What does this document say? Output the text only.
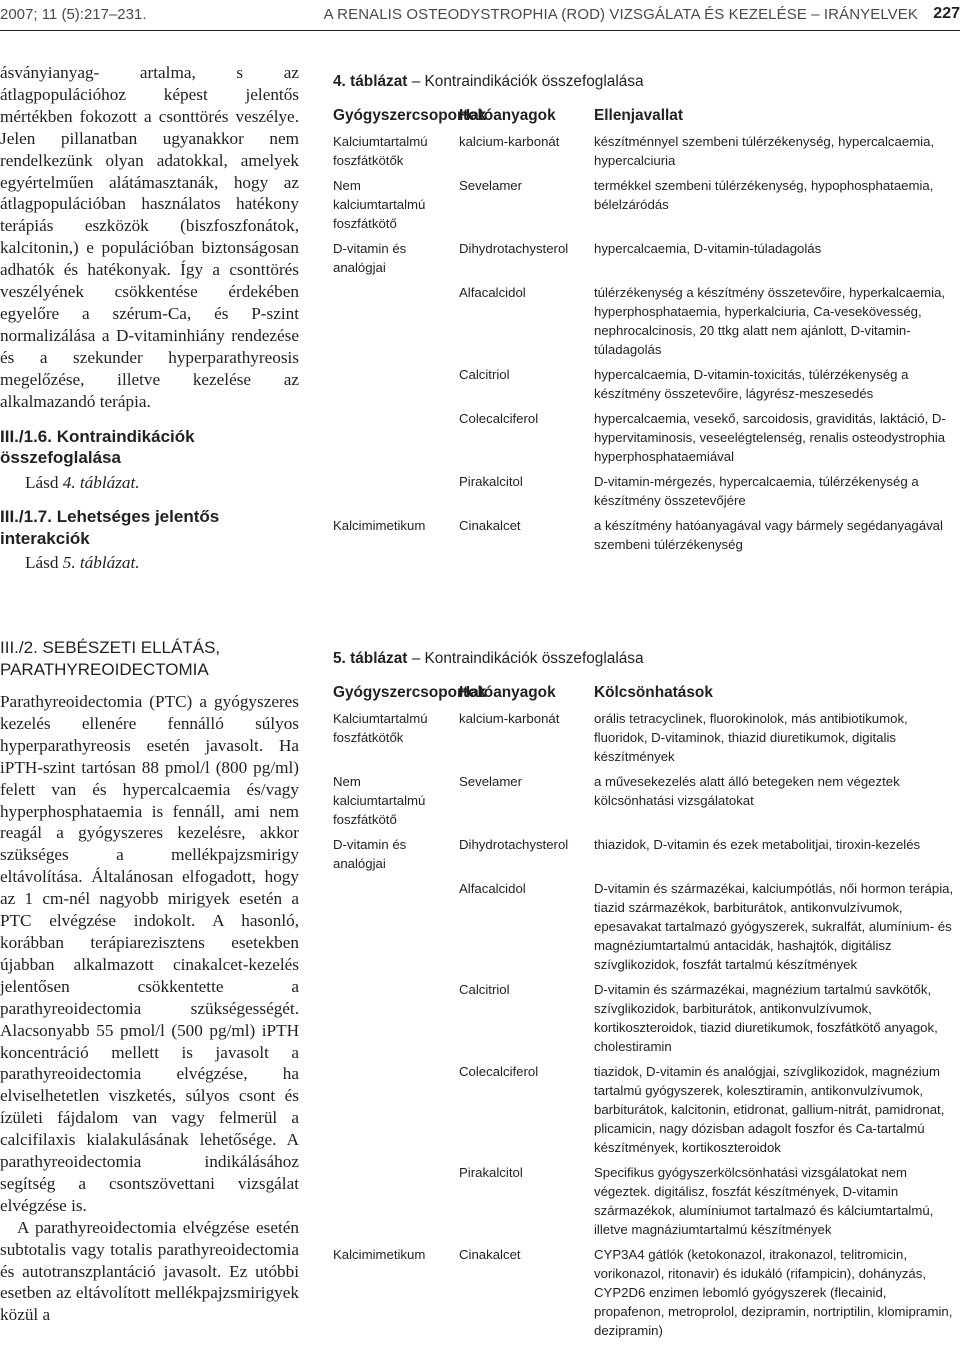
2007; 11 (5):217–231.	A RENALIS OSTEODYSTROPHIA (ROD) VIZSGÁLATA ÉS KEZELÉSE – IRÁNYELVEK 227

ásványianyag- artalma, s az átlagpopulációhoz képest jelentős mértékben fokozott a csonttörés veszélye. Jelen pillanatban ugyanakkor nem rendelkezünk olyan adatokkal, amelyek egyértelműen alátámasztanák, hogy az átlagpopulációban használatos hatékony terápiás eszközök (biszfoszfonátok, kalcitonin,) e populációban biztonságosan adhatók és hatékonyak. Így a csonttörés veszélyének csökkentése érdekében egyelőre a szérum-Ca, és P-szint normalizálása a D-vitaminhiány rendezése és a szekunder hyperparathyreosis megelőzése, illetve kezelése az alkalmazandó terápia.

III./1.6. Kontraindikációk összefoglalása

Lásd 4. táblázat.

III./1.7. Lehetséges jelentős interakciók

Lásd 5. táblázat.

III./2. SEBÉSZETI ELLÁTÁS,

PARATHYREOIDECTOMIA

Parathyreoidectomia (PTC) a gyógyszeres kezelés ellenére fennálló súlyos hyperparathyreosis esetén javasolt. Ha iPTH-szint tartósan 88 pmol/l (800 pg/ml) felett van és hypercalcaemia és/vagy hyperphosphataemia is fennáll, ami nem reagál a gyógyszeres kezelésre, akkor szükséges a mellékpajzsmirigy eltávolítása. Általánosan elfogadott, hogy az 1 cm-nél nagyobb mirigyek esetén a PTC elvégzése indokolt. A hasonló, korábban terápiarezisztens esetekben újabban alkalmazott cinakalcet-kezelés jelentősen csökkentette a parathyreoidectomia szükségességét. Alacsonyabb 55 pmol/l (500 pg/ml) iPTH koncentráció mellett is javasolt a parathyreoidectomia elvégzése, ha elviselhetetlen viszketés, súlyos csont és ízületi fájdalom van vagy felmerül a calcifilaxis kialakulásának lehetősége. A parathyreoidectomia indikálásához segítség a csontszövettani vizsgálat elvégzése is.

A parathyreoidectomia elvégzése esetén subtotalis vagy totalis parathyreoidectomia és autotranszplantáció javasolt. Ez utóbbi esetben az eltávolított mellékpajzsmirigyek közül a

4. táblázat – Kontraindikációk összefoglalása

Gyógyszercsoportok	Hatóanyagok	Ellenjavallat
Kalciumtartalmú foszfátkötők	kalcium-karbonát	készítménnyel szembeni túlérzékenység, hypercalcaemia, hypercalciuria
Nem kalciumtartalmú foszfátkötő	Sevelamer	termékkel szembeni túlérzékenység, hypophosphataemia, bélelzáródás
D-vitamin és analógjai	Dihydrotachysterol	hypercalcaemia, D-vitamin-túladagolás
	Alfacalcidol	túlérzékenység a készítmény összetevőire, hyperkalcaemia, hyperphosphataemia, hyperkalciuria, Ca-vesekövesség, nephrocalcinosis, 20 ttkg alatt nem ajánlott, D-vitamin-túladagolás
	Calcitriol	hypercalcaemia, D-vitamin-toxicitás, túlérzékenység a készítmény összetevőire, lágyrész-meszesedés
	Colecalciferol	hypercalcaemia, vesekő, sarcoidosis, graviditás, laktáció, D-hypervitaminosis, veseelégtelenség, renalis osteodystrophia hyperphosphataemiával
	Pirakalcitol	D-vitamin-mérgezés, hypercalcaemia, túlérzékenység a készítmény összetevőjére
Kalcimimetikum	Cinakalcet	a készítmény hatóanyagával vagy bármely segédanyagával szembeni túlérzékenység

5. táblázat – Kontraindikációk összefoglalása

Gyógyszercsoportok	Hatóanyagok	Kölcsönhatások
Kalciumtartalmú foszfátkötők	kalcium-karbonát	orális tetracyclinek, fluorokinolok, más antibiotikumok, fluoridok, D-vitaminok, thiazid diuretikumok, digitalis készítmények
Nem kalciumtartalmú foszfátkötő	Sevelamer	a művesekezelés alatt álló betegeken nem végeztek kölcsönhatási vizsgálatokat
D-vitamin és analógjai	Dihydrotachysterol	thiazidok, D-vitamin és ezek metabolitjai, tiroxin-kezelés
	Alfacalcidol	D-vitamin és származékai, kalciumpótlás, női hormon terápia, tiazid származékok, barbiturátok, antikonvulzívumok, epesavakat tartalmazó gyógyszerek, sukralfát, alumínium- és magnéziumtartalmú antacidák, hashajtók, digitálisz szívglikozidok, foszfát tartalmú készítmények
	Calcitriol	D-vitamin és származékai, magnézium tartalmú savkötők, szívglikozidok, barbiturátok, antikonvulzívumok, kortikoszteroidok, tiazid diuretikumok, foszfátkötő anyagok, cholestiramin
	Colecalciferol	tiazidok, D-vitamin és analógjai, szívglikozidok, magnézium tartalmú gyógyszerek, kolesztiramin, antikonvulzívumok, barbiturátok, kalcitonin, etidronat, gallium-nitrát, pamidronat, plicamicin, nagy dózisban adagolt foszfor és Ca-tartalmú készítmények, kortikoszteroidok
	Pirakalcitol	Specifikus gyógyszerkölcsönhatási vizsgálatokat nem végeztek. digitálisz, foszfát készítmények, D-vitamin származékok, alumíniumot tartalmazó és kálciumtartalmú, illetve magnáziumtartalmú készítmények
Kalcimimetikum	Cinakalcet	CYP3A4 gátlók (ketokonazol, itrakonazol, telitromicin, vorikonazol, ritonavir) és idukáló (rifampicin), dohányzás, CYP2D6 enzimen lebomló gyógyszerek (flecainid, propafenon, metroprolol, dezipramin, nortriptilin, klomipramin, dezipramin)
